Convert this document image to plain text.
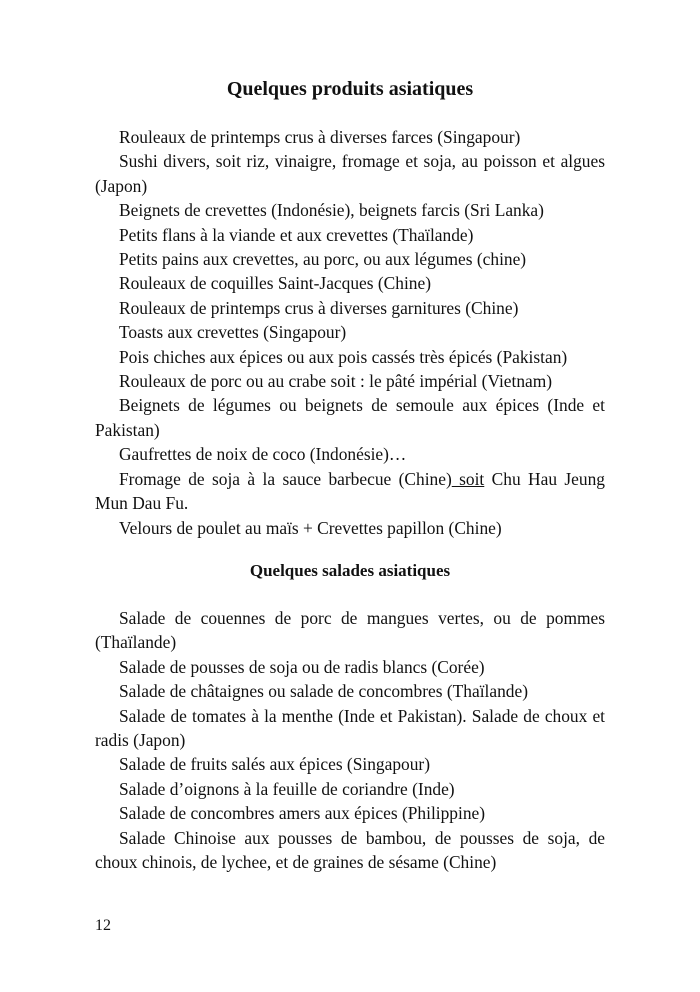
Quelques produits asiatiques

Rouleaux de printemps crus à diverses farces (Singapour)

Sushi divers, soit riz, vinaigre, fromage et soja, au poisson et algues (Japon)

Beignets de crevettes (Indonésie), beignets farcis (Sri Lanka)

Petits flans à la viande et aux crevettes (Thaïlande)

Petits pains aux crevettes, au porc, ou aux légumes (chine)

Rouleaux de coquilles Saint-Jacques (Chine)

Rouleaux de printemps crus à diverses garnitures (Chine)

Toasts aux crevettes (Singapour)

Pois chiches aux épices ou aux pois cassés très épicés (Pakistan)

Rouleaux de porc ou au crabe soit : le pâté impérial (Vietnam)

Beignets de légumes ou beignets de semoule aux épices (Inde et Pakistan)

Gaufrettes de noix de coco (Indonésie)…

Fromage de soja à la sauce barbecue (Chine) soit Chu Hau Jeung Mun Dau Fu.

Velours de poulet au maïs + Crevettes papillon (Chine)

Quelques salades asiatiques

Salade de couennes de porc de mangues vertes, ou de pommes (Thaïlande)

Salade de pousses de soja ou de radis blancs (Corée)

Salade de châtaignes ou salade de concombres (Thaïlande)

Salade de tomates à la menthe (Inde et Pakistan). Salade de choux et radis (Japon)

Salade de fruits salés aux épices (Singapour)

Salade d’oignons à la feuille de coriandre (Inde)

Salade de concombres amers aux épices (Philippine)

Salade Chinoise aux pousses de bambou, de pousses de soja, de choux chinois, de lychee, et de graines de sésame (Chine)

12
